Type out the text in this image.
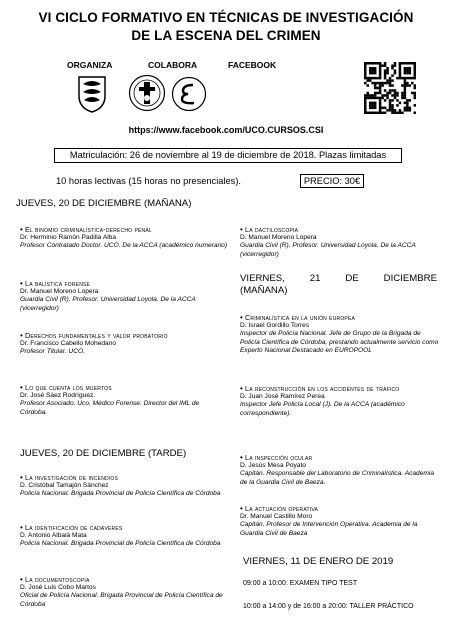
VI CICLO FORMATIVO EN TÉCNICAS DE INVESTIGACIÓN
DE LA ESCENA DEL CRIMEN
ORGANIZA	COLABORA	FACEBOOK
https://www.facebook.com/UCO.CURSOS.CSI
Matriculación: 26 de noviembre al 19 de diciembre de 2018. Plazas limitadas
10 horas lectivas (15 horas no presenciales).	PRECIO: 30€
JUEVES, 20 DE DICIEMBRE (MAÑANA)
JUEVES, 20 DE DICIEMBRE (TARDE)
VIERNES, 21 DE DICIEMBRE
(MAÑANA)
VIERNES, 11 DE ENERO DE 2019
• El binomio criminalística-derecho penal
Dr. Herminio Ramón Padilla Alba
Profesor Contratado Doctor. UCO. De la ACCA (académico numerario)
• La balística forense
Dr. Manuel Moreno Lopera
Guardia Civil (R). Profesor. Universidad Loyola. De la ACCA (vicerregidor)
• Derechos fundamentales y valor probatorio
Dr. Francisco Cabello Mohedano
Profesor Titular. UCO.
• Lo que cuenta los muertos
Dr. José Sáez Rodríguez.
Profesor Asociado. Uco. Médico Forense. Director del IML de Córdoba.
• La investigación de incendios
D. Cristóbal Tamajón Sánchez
Policía Nacional. Brigada Provincial de Policía Científica de Córdoba
• La identificación de cadáveres
D. Antonio Albalá Mata
Policía Nacional. Brigada Provincial de Policía Científica de Córdoba
• La documentoscopia
D. José Luis Cobo Martos
Oficial de Policía Nacional. Brigada Provincial de Policía Científica de Córdoba
• La dactiloscopia
D. Manuel Moreno Lopera
Guardia Civil (R). Profesor. Universidad Loyola. De la ACCA (vicerregidor)
• Criminalística en la unión europea
D. Israel Gordillo Torres
Inspector de Policía Nacional. Jefe de Grupo de la Brigada de Policía Científica de Córdoba, prestando actualmente servicio como Experto Nacional Destacado en EUROPOOL
• La reconstrucción en los accidentes de tráfico
D. Juan José Ramírez Perea
Inspector Jefe Policía Local (J). De la ACCA (académico correspondiente).
• La inspección ocular
D. Jesús Mesa Poyato
Capitán. Responsable del Laboratorio de Criminalística. Academia de la Guardia Civil de Baeza.
• La actuación operativa
Dr. Manuel Castillo Moro
Capitán. Profesor de Intervención Operativa. Academia de la Guardia Civil de Baeza
09:00 a 10:00: EXAMEN TIPO TEST
10:00 a 14:00 y de 16:00 a 20:00: TALLER PRÁCTICO
